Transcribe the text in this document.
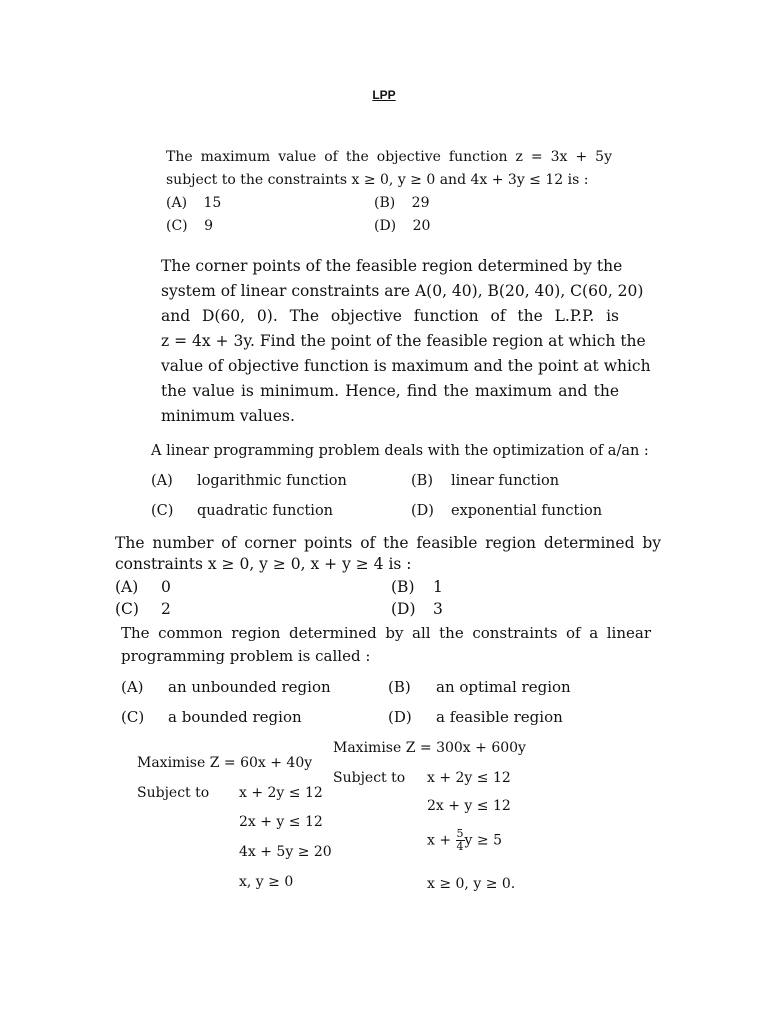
LPP
The maximum value of the objective function z = 3x + 5y
subject to the constraints x ≥ 0, y ≥ 0 and 4x + 3y ≤ 12 is :
(A) 15	(B) 29
(C) 9	(D) 20
The corner points of the feasible region determined by the
system of linear constraints are A(0, 40), B(20, 40), C(60, 20)
and D(60, 0). The objective function of the L.P.P. is
z = 4x + 3y. Find the point of the feasible region at which the
value of objective function is maximum and the point at which
the value is minimum. Hence, find the maximum and the
minimum values.
A linear programming problem deals with the optimization of a/an :
(A) logarithmic function	(B) linear function
(C) quadratic function	(D) exponential function
The number of corner points of the feasible region determined by
constraints x ≥ 0, y ≥ 0, x + y ≥ 4 is :
(A) 0	(B) 1
(C) 2	(D) 3
The common region determined by all the constraints of a linear
programming problem is called :
(A) an unbounded region	(B) an optimal region
(C) a bounded region	(D) a feasible region
Maximise Z = 60x + 40y
Subject to x + 2y ≤ 12
2x + y ≤ 12
4x + 5y ≥ 20
x, y ≥ 0
Maximise Z = 300x + 600y
Subject to x + 2y ≤ 12
2x + y ≤ 12
$x + \frac{5}{4}$ y ≥ 5
x ≥ 0, y ≥ 0.
